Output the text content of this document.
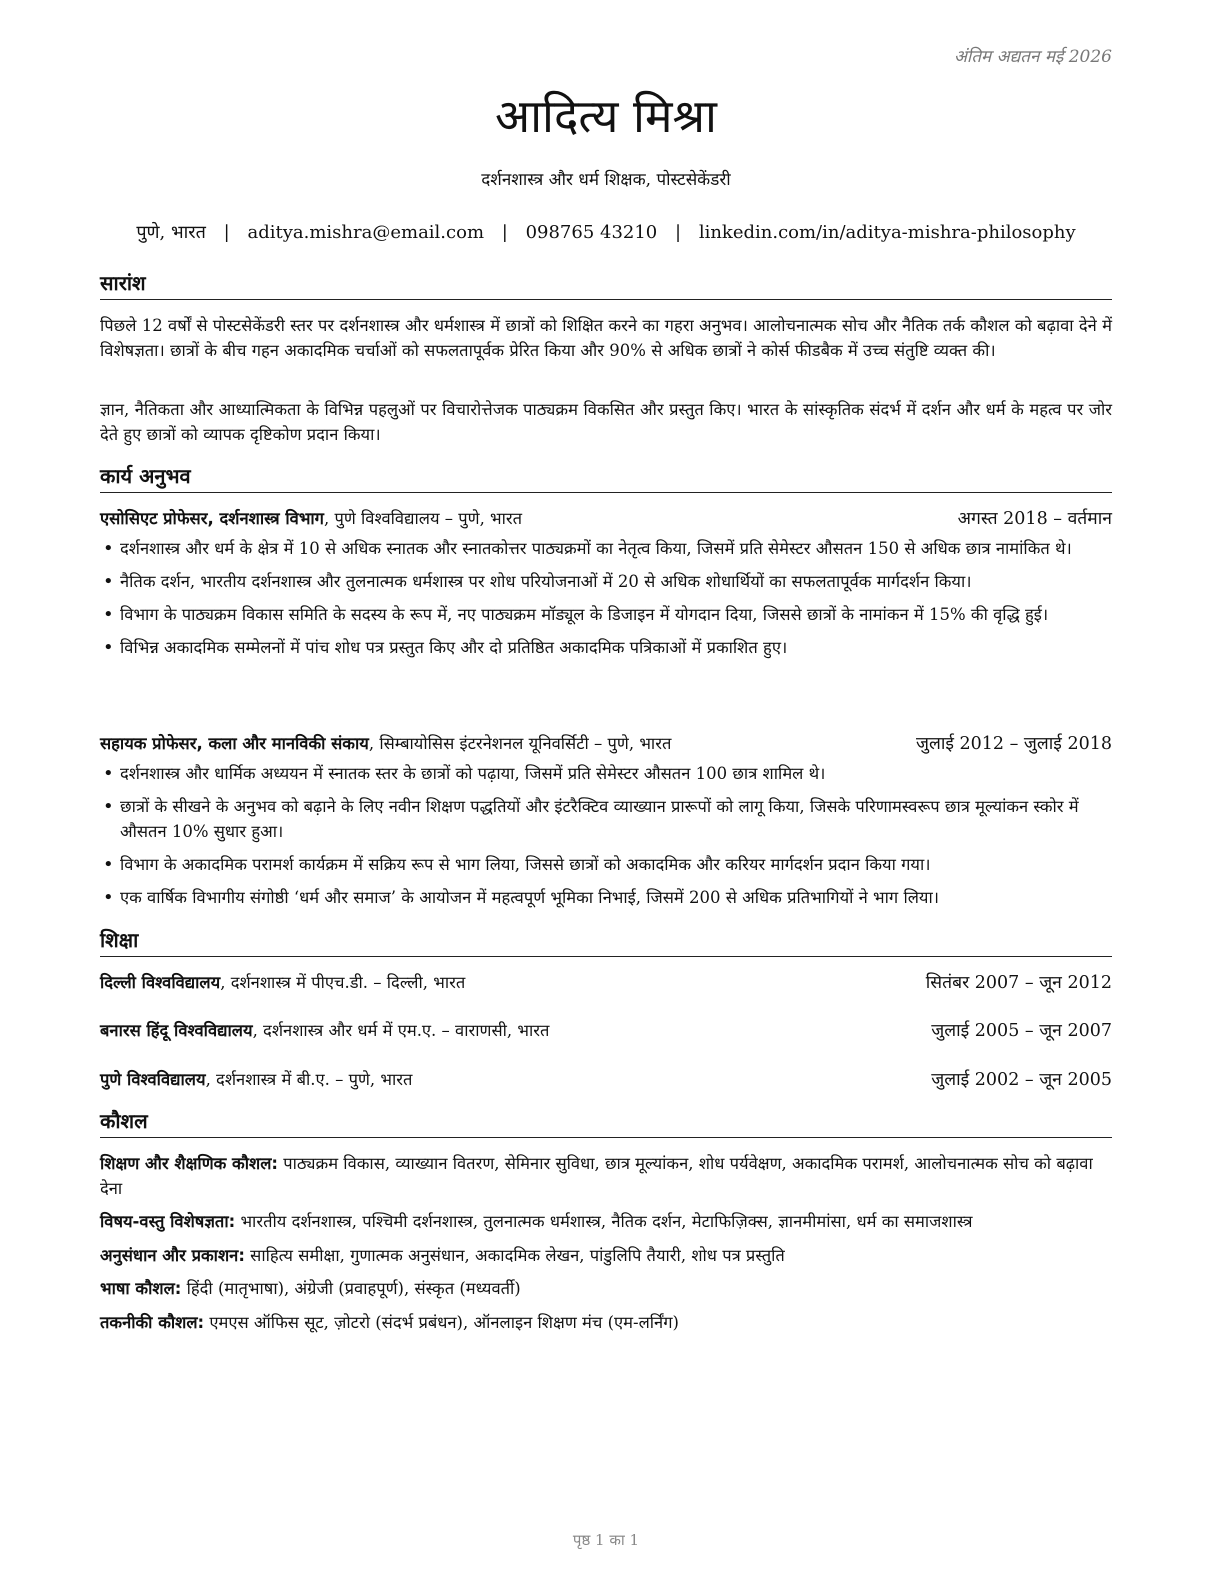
अंतिम अद्यतन मई 2026
आदित्य मिश्रा
दर्शनशास्त्र और धर्म शिक्षक, पोस्टसेकेंडरी
पुणे, भारत | aditya.mishra@email.com | 098765 43210 | linkedin.com/in/aditya-mishra-philosophy
सारांश
पिछले 12 वर्षों से पोस्टसेकेंडरी स्तर पर दर्शनशास्त्र और धर्मशास्त्र में छात्रों को शिक्षित करने का गहरा अनुभव। आलोचनात्मक सोच और नैतिक तर्क कौशल को बढ़ावा देने में विशेषज्ञता। छात्रों के बीच गहन अकादमिक चर्चाओं को सफलतापूर्वक प्रेरित किया और 90% से अधिक छात्रों ने कोर्स फीडबैक में उच्च संतुष्टि व्यक्त की।
ज्ञान, नैतिकता और आध्यात्मिकता के विभिन्न पहलुओं पर विचारोत्तेजक पाठ्यक्रम विकसित और प्रस्तुत किए। भारत के सांस्कृतिक संदर्भ में दर्शन और धर्म के महत्व पर जोर देते हुए छात्रों को व्यापक दृष्टिकोण प्रदान किया।
कार्य अनुभव
एसोसिएट प्रोफेसर, दर्शनशास्त्र विभाग, पुणे विश्वविद्यालय – पुणे, भारत	अगस्त 2018 – वर्तमान
• दर्शनशास्त्र और धर्म के क्षेत्र में 10 से अधिक स्नातक और स्नातकोत्तर पाठ्यक्रमों का नेतृत्व किया, जिसमें प्रति सेमेस्टर औसतन 150 से अधिक छात्र नामांकित थे।
• नैतिक दर्शन, भारतीय दर्शनशास्त्र और तुलनात्मक धर्मशास्त्र पर शोध परियोजनाओं में 20 से अधिक शोधार्थियों का सफलतापूर्वक मार्गदर्शन किया।
• विभाग के पाठ्यक्रम विकास समिति के सदस्य के रूप में, नए पाठ्यक्रम मॉड्यूल के डिजाइन में योगदान दिया, जिससे छात्रों के नामांकन में 15% की वृद्धि हुई।
• विभिन्न अकादमिक सम्मेलनों में पांच शोध पत्र प्रस्तुत किए और दो प्रतिष्ठित अकादमिक पत्रिकाओं में प्रकाशित हुए।
सहायक प्रोफेसर, कला और मानविकी संकाय, सिम्बायोसिस इंटरनेशनल यूनिवर्सिटी – पुणे, भारत	जुलाई 2012 – जुलाई 2018
• दर्शनशास्त्र और धार्मिक अध्ययन में स्नातक स्तर के छात्रों को पढ़ाया, जिसमें प्रति सेमेस्टर औसतन 100 छात्र शामिल थे।
• छात्रों के सीखने के अनुभव को बढ़ाने के लिए नवीन शिक्षण पद्धतियों और इंटरैक्टिव व्याख्यान प्रारूपों को लागू किया, जिसके परिणामस्वरूप छात्र मूल्यांकन स्कोर में औसतन 10% सुधार हुआ।
• विभाग के अकादमिक परामर्श कार्यक्रम में सक्रिय रूप से भाग लिया, जिससे छात्रों को अकादमिक और करियर मार्गदर्शन प्रदान किया गया।
• एक वार्षिक विभागीय संगोष्ठी ‘धर्म और समाज’ के आयोजन में महत्वपूर्ण भूमिका निभाई, जिसमें 200 से अधिक प्रतिभागियों ने भाग लिया।
शिक्षा
दिल्ली विश्वविद्यालय, दर्शनशास्त्र में पीएच.डी. – दिल्ली, भारत	सितंबर 2007 – जून 2012
बनारस हिंदू विश्वविद्यालय, दर्शनशास्त्र और धर्म में एम.ए. – वाराणसी, भारत	जुलाई 2005 – जून 2007
पुणे विश्वविद्यालय, दर्शनशास्त्र में बी.ए. – पुणे, भारत	जुलाई 2002 – जून 2005
कौशल
शिक्षण और शैक्षणिक कौशल: पाठ्यक्रम विकास, व्याख्यान वितरण, सेमिनार सुविधा, छात्र मूल्यांकन, शोध पर्यवेक्षण, अकादमिक परामर्श, आलोचनात्मक सोच को बढ़ावा देना
विषय-वस्तु विशेषज्ञता: भारतीय दर्शनशास्त्र, पश्चिमी दर्शनशास्त्र, तुलनात्मक धर्मशास्त्र, नैतिक दर्शन, मेटाफिज़िक्स, ज्ञानमीमांसा, धर्म का समाजशास्त्र
अनुसंधान और प्रकाशन: साहित्य समीक्षा, गुणात्मक अनुसंधान, अकादमिक लेखन, पांडुलिपि तैयारी, शोध पत्र प्रस्तुति
भाषा कौशल: हिंदी (मातृभाषा), अंग्रेजी (प्रवाहपूर्ण), संस्कृत (मध्यवर्ती)
तकनीकी कौशल: एमएस ऑफिस सूट, ज़ोटरो (संदर्भ प्रबंधन), ऑनलाइन शिक्षण मंच (एम-लर्निंग)
पृष्ठ 1 का 1
